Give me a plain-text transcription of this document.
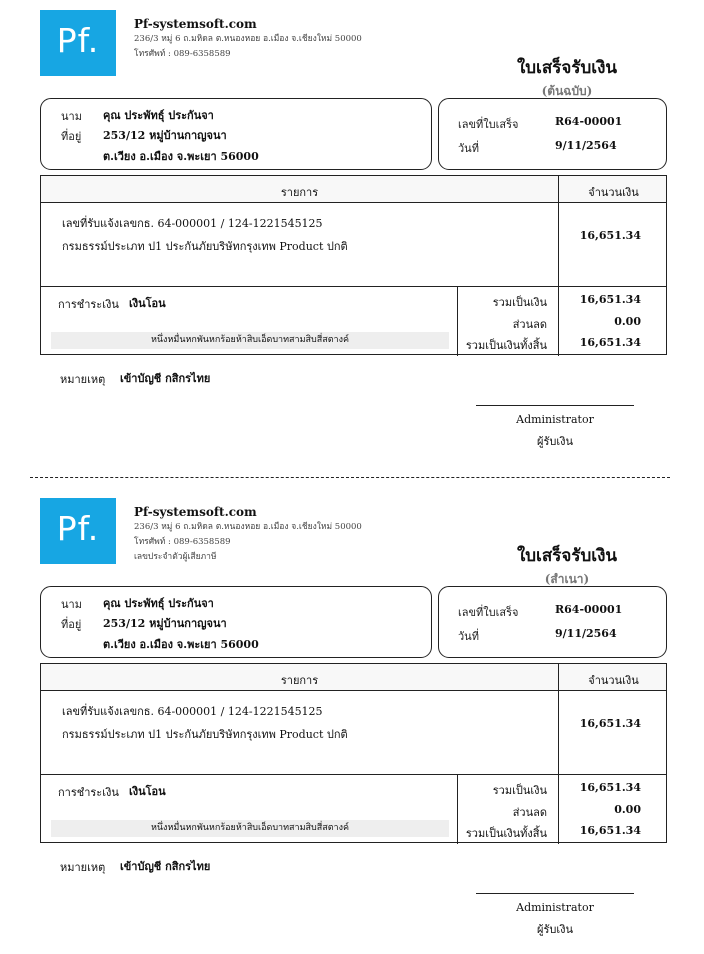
Pf.	Pf-systemsoft.com
236/3 หมู่ 6 ถ.มหิดล ต.หนองหอย อ.เมือง จ.เชียงใหม่ 50000
โทรศัพท์ : 089-6358589
ใบเสร็จรับเงิน
(ต้นฉบับ)
นาม คุณ ประพัทธ์ุ ประกันจา
ที่อยู่ 253/12 หมู่บ้านกาญจนา
ต.เวียง อ.เมือง จ.พะเยา 56000
เลขที่ใบเสร็จ	R64-00001
วันที่	9/11/2564
รายการ	จำนวนเงิน
เลขที่รับแจ้งเลขกธ. 64-000001 / 124-1221545125
กรมธรรม์ประเภท ป1 ประกันภัยบริษัทกรุงเทพ Product ปกติ
16,651.34
การชำระเงิน เงินโอน
หนึ่งหมื่นหกพันหกร้อยห้าสิบเอ็ดบาทสามสิบสี่สตางค์
รวมเป็นเงิน	16,651.34
ส่วนลด	0.00
รวมเป็นเงินทั้งสิ้น	16,651.34
หมายเหตุ เข้าบัญชี กสิกรไทย
Administrator
ผู้รับเงิน
Pf.	Pf-systemsoft.com
236/3 หมู่ 6 ถ.มหิดล ต.หนองหอย อ.เมือง จ.เชียงใหม่ 50000
โทรศัพท์ : 089-6358589
เลขประจำตัวผู้เสียภาษี	ใบเสร็จรับเงิน
(สำเนา)
นาม คุณ ประพัทธ์ุ ประกันจา
ที่อยู่ 253/12 หมู่บ้านกาญจนา
ต.เวียง อ.เมือง จ.พะเยา 56000
เลขที่ใบเสร็จ	R64-00001
วันที่	9/11/2564
รายการ	จำนวนเงิน
เลขที่รับแจ้งเลขกธ. 64-000001 / 124-1221545125
กรมธรรม์ประเภท ป1 ประกันภัยบริษัทกรุงเทพ Product ปกติ
16,651.34
การชำระเงิน เงินโอน
หนึ่งหมื่นหกพันหกร้อยห้าสิบเอ็ดบาทสามสิบสี่สตางค์
รวมเป็นเงิน	16,651.34
ส่วนลด	0.00
รวมเป็นเงินทั้งสิ้น	16,651.34
หมายเหตุ เข้าบัญชี กสิกรไทย
Administrator
ผู้รับเงิน
